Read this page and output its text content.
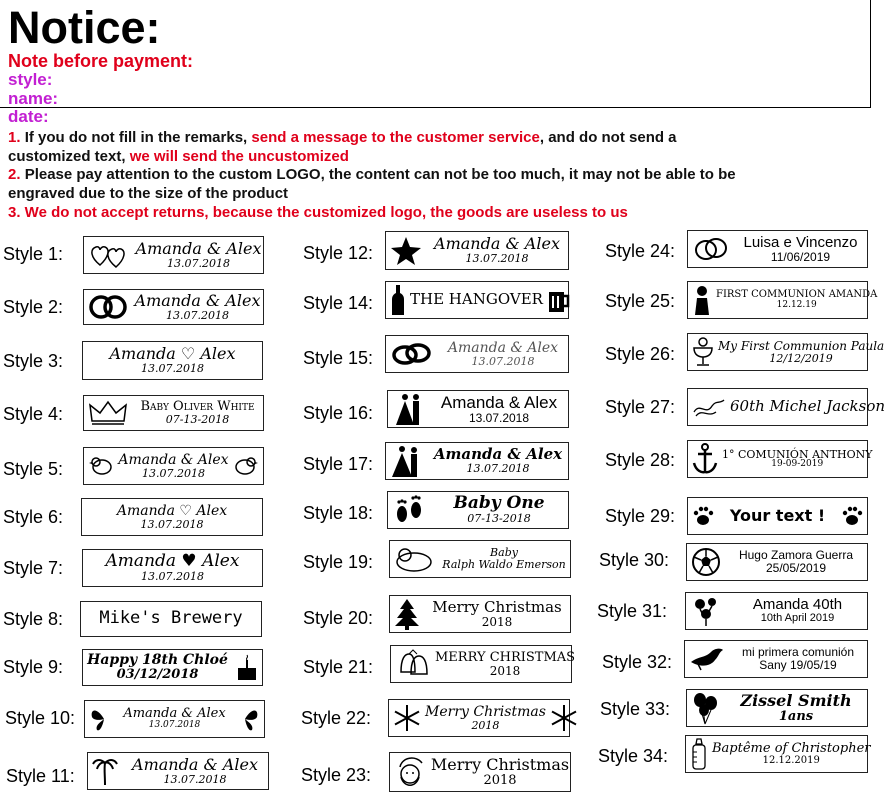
Notice:
Note before payment:
style:
name:
date:
1. If you do not fill in the remarks, send a message to the customer service, and do not send a
customized text, we will send the uncustomized
2. Please pay attention to the custom LOGO, the content can not be too much, it may not be able to be
engraved due to the size of the product
3. We do not accept returns, because the customized logo, the goods are useless to us
Style 1:	Amanda & Alex
13.07.2018
Style 2:	Amanda & Alex
13.07.2018
Style 3:	Amanda ♡ Alex
13.07.2018
Style 4:	Baby Oliver White
07-13-2018
Style 5:	Amanda & Alex
13.07.2018
Style 6:	Amanda ♡ Alex
13.07.2018
Style 7:	Amanda ♥ Alex
13.07.2018
Style 8:	Mike's Brewery
Style 9: Happy 18th Chloé
03/12/2018
Style 10:	Amanda & Alex
13.07.2018
Style 11:
Amanda & Alex
13.07.2018
Style 12:	Amanda & Alex
13.07.2018
Style 14: THE HANGOVER
Style 15:
Amanda & Alex
13.07.2018
Style 16:
Amanda & Alex
13.07.2018
Style 17:	Amanda & Alex
13.07.2018
Style 18:	Baby One
07-13-2018
Style 19:	Baby
Ralph Waldo Emerson
Style 20:
Merry Christmas
2018
Style 21:	MERRY CHRISTMAS
2018
Style 22:	Merry Christmas
2018
Style 23:
Merry Christmas
2018
Style 24:	Luisa e Vincenzo
11/06/2019
Style 25:	FIRST COMMUNION AMANDA
12.12.19
Style 26:	My First Communion Paula
12/12/2019
Style 27:	60th Michel Jackson
Style 28:	1° COMUNIÓN ANTHONY
19-09-2019
Style 29:	Your text !
Style 30:	Hugo Zamora Guerra
25/05/2019
Style 31:	Amanda 40th
10th April 2019
Style 32:	mi primera comunión
Sany 19/05/19
Style 33:	Zissel Smith
1ans
Style 34:	Baptême of Christopher
12.12.2019
